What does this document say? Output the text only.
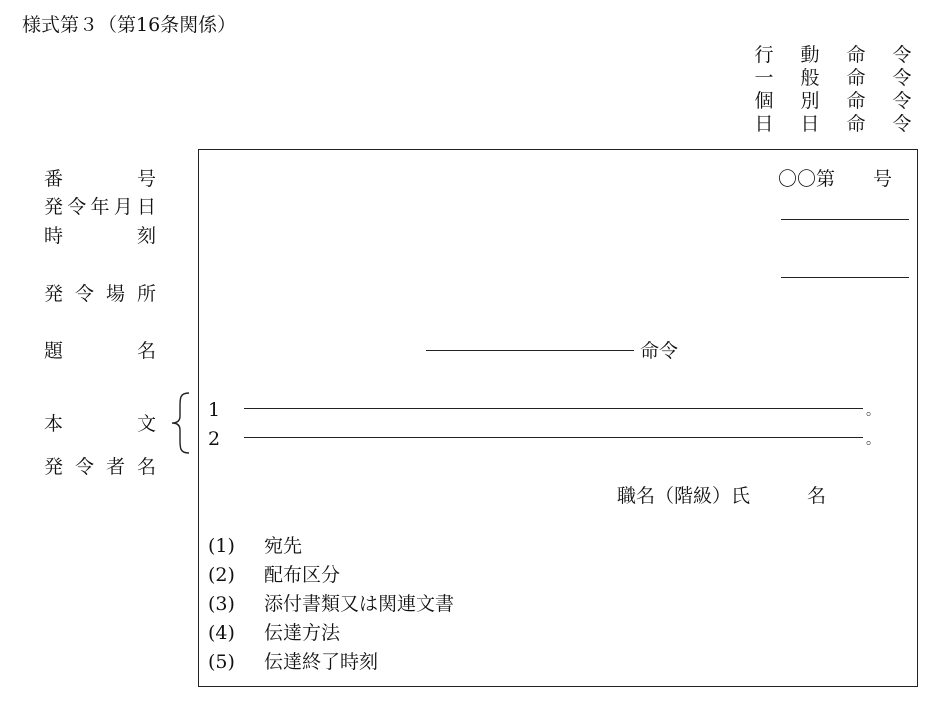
様式第３（第16条関係）
行
一
個
日
動
般
別
日
命
命
命
命
令
令
令
令
番	号
発 令 年 月 日
時	刻
発 令 場 所
題	名
本	文
発 令 者 名
〇〇第　　号
命令
1	。
2	。
職名（階級）氏　　　名
(1) 宛先
(2) 配布区分
(3) 添付書類又は関連文書
(4) 伝達方法
(5) 伝達終了時刻
